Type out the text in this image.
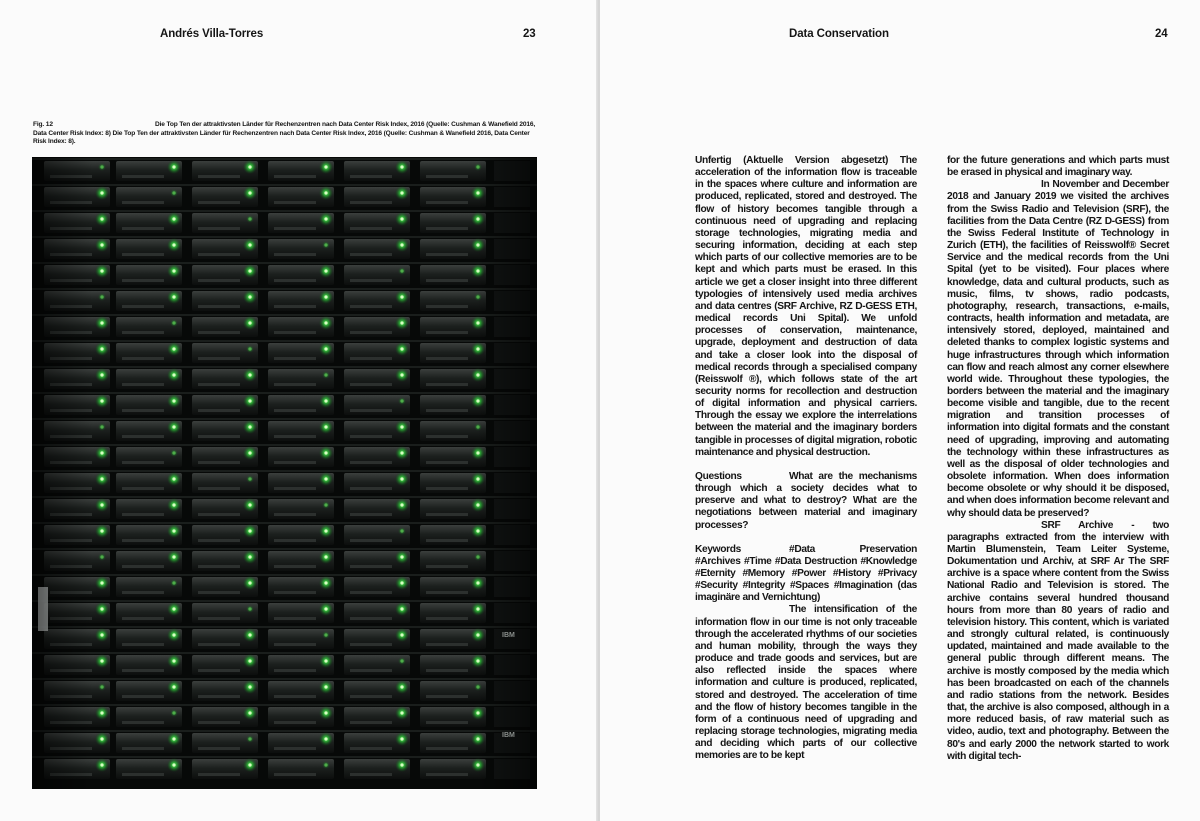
Andrés Villa-Torres	23
Fig. 12	Die Top Ten der attraktivsten Länder für Rechenzentren nach Data Center Risk Index, 2016 (Quelle: Cushman & Wanefield 2016, Data Center Risk Index: 8) Die Top Ten der attraktivsten Länder für Rechenzentren nach Data Center Risk Index, 2016 (Quelle: Cushman & Wanefield 2016, Data Center Risk Index: 8).
IBM
IBM
Data Conservation	24

Unfertig (Aktuelle Version abgesetzt) The acceleration of the information flow is traceable in the spaces where culture and information are produced, replicated, stored and destroyed. The flow of history becomes tangible through a continuous need of upgrading and replacing storage technologies, migrating media and securing information, deciding at each step which parts of our collective memories are to be kept and which parts must be erased. In this article we get a closer insight into three different typologies of intensively used media archives and data centres (SRF Archive, RZ D-GESS ETH, medical records Uni Spital). We unfold processes of conservation, maintenance, upgrade, deployment and destruction of data and take a closer look into the disposal of medical records through a specialised company (Reisswolf ®), which follows state of the art security norms for recollection and destruction of digital information and physical carriers. Through the essay we explore the interrelations between the material and the imaginary borders tangible in processes of digital migration, robotic maintenance and physical destruction.

Questions	What are the mechanisms through which a society decides what to preserve and what to destroy? What are the negotiations between material and imaginary processes?

Keywords	#Data Preservation #Archives #Time #Data Destruction #Knowledge #Eternity #Memory #Power #History #Privacy #Security #Integrity #Spaces #Imagination (das imaginäre and Vernichtung)

The intensification of the information flow in our time is not only traceable through the accelerated rhythms of our societies and human mobility, through the ways they produce and trade goods and services, but are also reflected inside the spaces where information and culture is produced, replicated, stored and destroyed. The acceleration of time and the flow of history becomes tangible in the form of a continuous need of upgrading and replacing storage technologies, migrating media and deciding which parts of our collective memories are to be kept

for the future generations and which parts must be erased in physical and imaginary way.

In November and December 2018 and January 2019 we visited the archives from the Swiss Radio and Television (SRF), the facilities from the Data Centre (RZ D-GESS) from the Swiss Federal Institute of Technology in Zurich (ETH), the facilities of Reisswolf® Secret Service and the medical records from the Uni Spital (yet to be visited). Four places where knowledge, data and cultural products, such as music, films, tv shows, radio podcasts, photography, research, transactions, e-mails, contracts, health information and metadata, are intensively stored, deployed, maintained and deleted thanks to complex logistic systems and huge infrastructures through which information can flow and reach almost any corner elsewhere world wide. Throughout these typologies, the borders between the material and the imaginary become visible and tangible, due to the recent migration and transition processes of information into digital formats and the constant need of upgrading, improving and automating the technology within these infrastructures as well as the disposal of older technologies and obsolete information. When does information become obsolete or why should it be disposed, and when does information become relevant and why should data be preserved?

SRF Archive - two paragraphs extracted from the interview with Martin Blumenstein, Team Leiter Systeme, Dokumentation und Archiv, at SRF Ar The SRF archive is a space where content from the Swiss National Radio and Television is stored. The archive contains several hundred thousand hours from more than 80 years of radio and television history. This content, which is variated and strongly cultural related, is continuously updated, maintained and made available to the general public through different means. The archive is mostly composed by the media which has been broadcasted on each of the channels and radio stations from the network. Besides that, the archive is also composed, although in a more reduced basis, of raw material such as video, audio, text and photography. Between the 80's and early 2000 the network started to work with digital tech-
